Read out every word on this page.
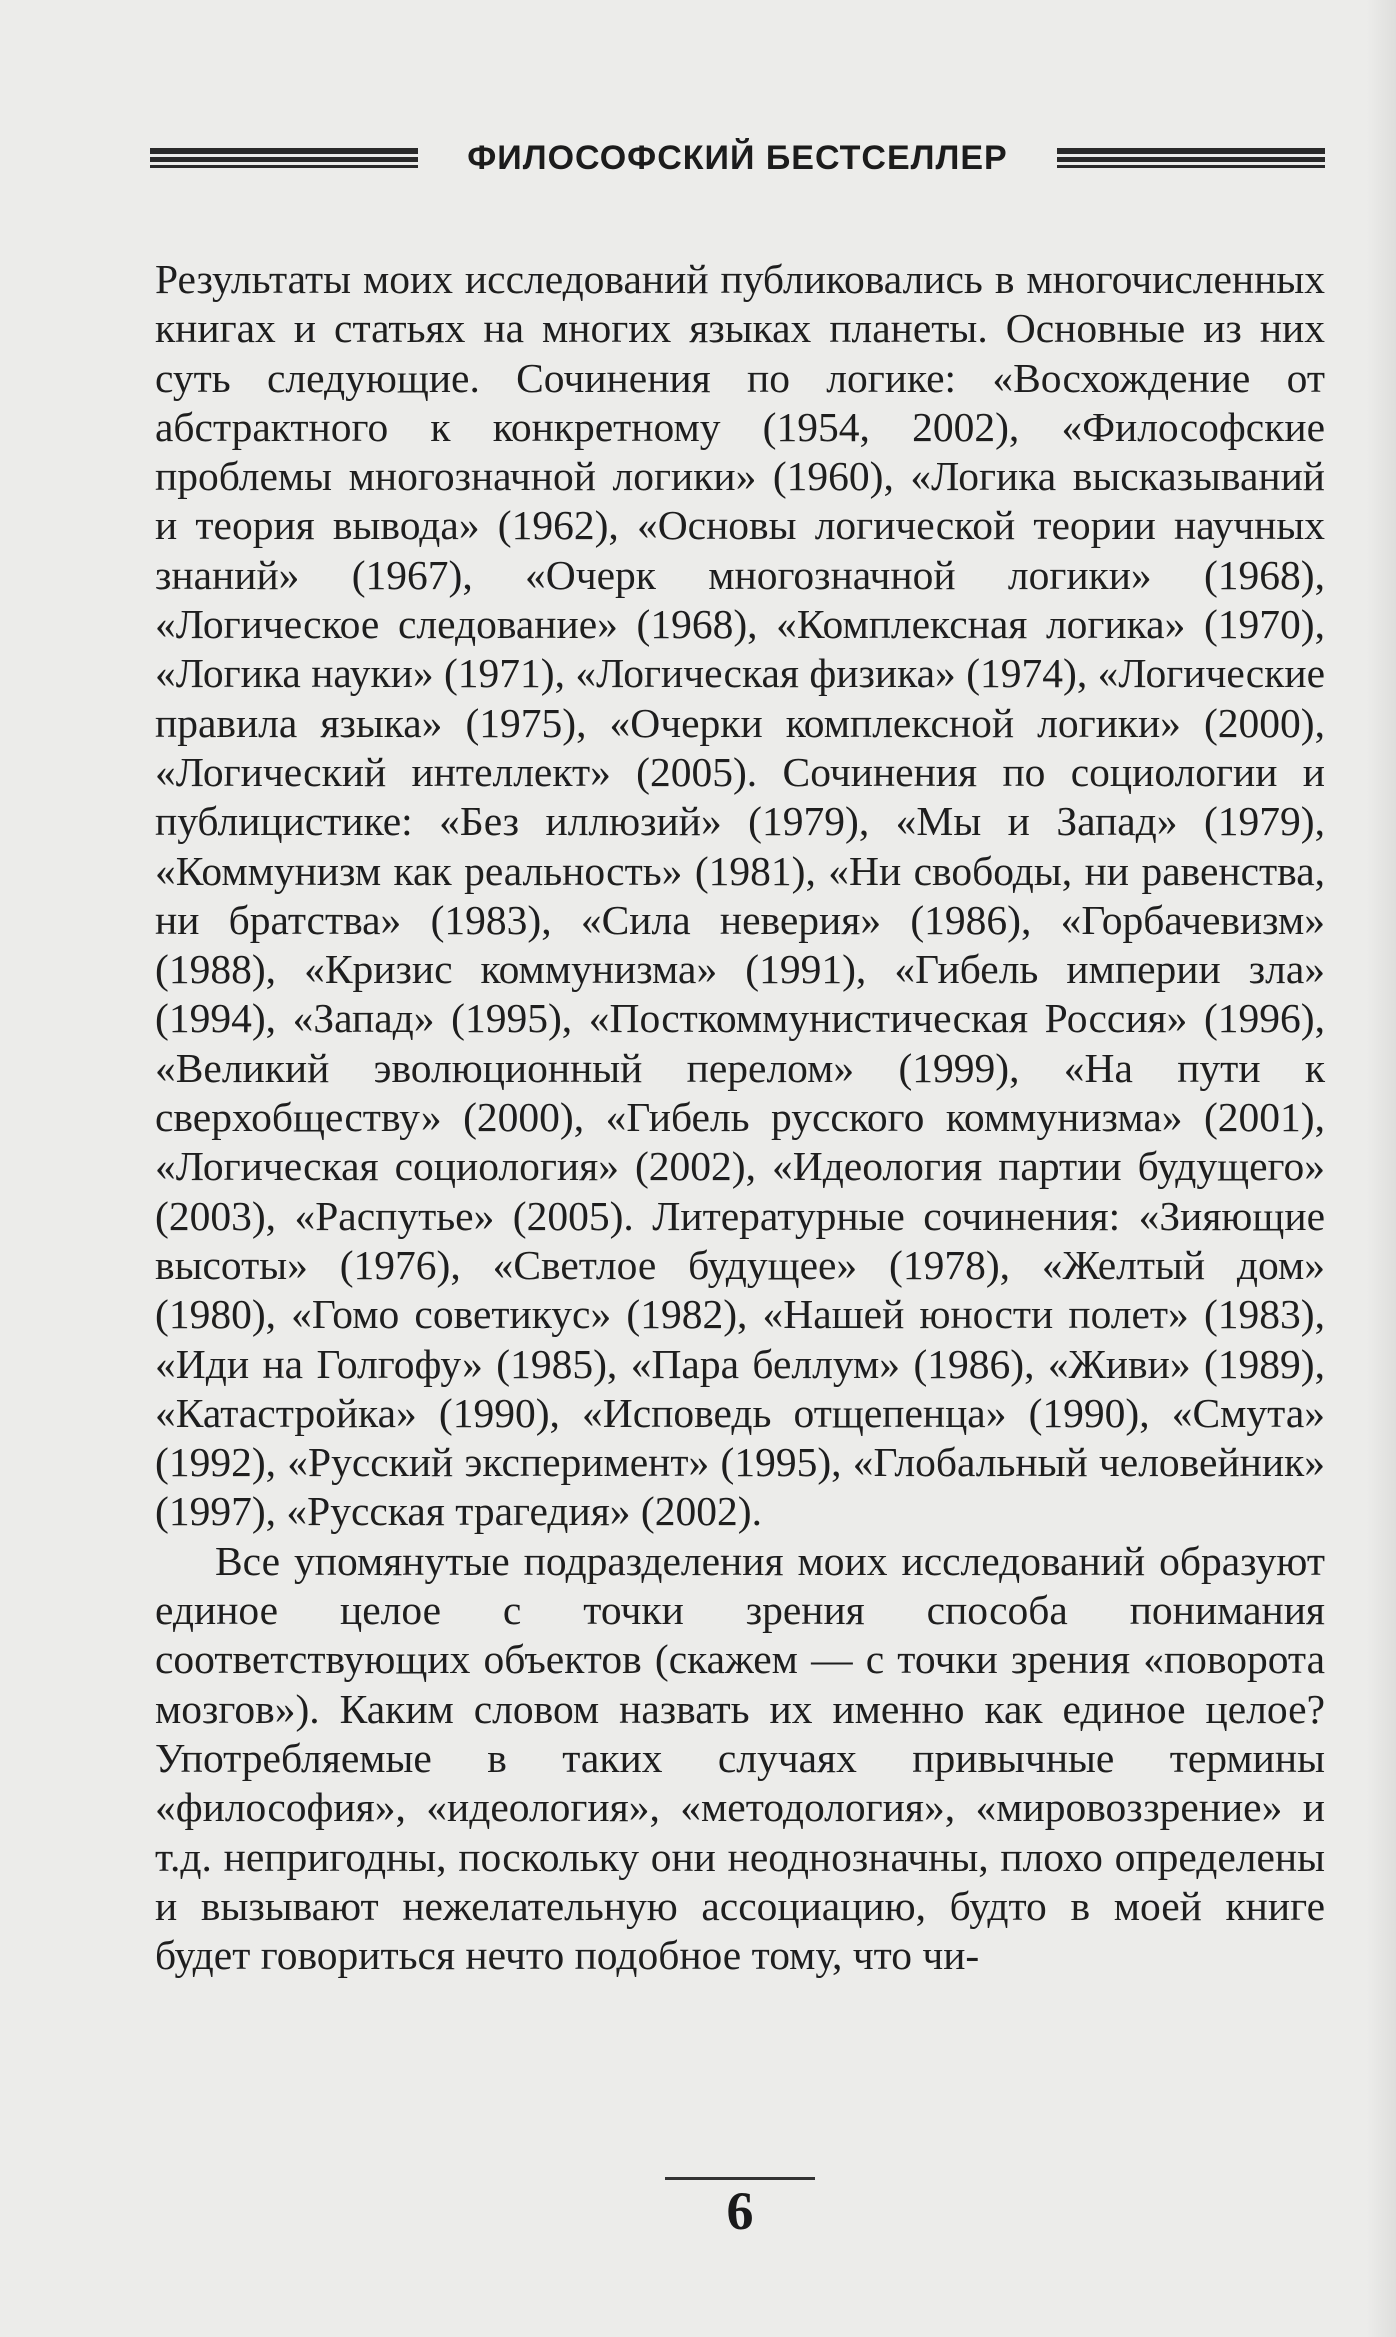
ФИЛОСОФСКИЙ БЕСТСЕЛЛЕР

Результаты моих исследований публиковались в многочисленных книгах и статьях на многих языках планеты. Основные из них суть следующие. Сочинения по логике: «Восхождение от абстрактного к конкретному (1954, 2002), «Философские проблемы многозначной логики» (1960), «Логика высказываний и теория вывода» (1962), «Основы логической теории научных знаний» (1967), «Очерк многозначной логики» (1968), «Логическое следование» (1968), «Комплексная логика» (1970), «Логика науки» (1971), «Логическая физика» (1974), «Логические правила языка» (1975), «Очерки комплексной логики» (2000), «Логический интеллект» (2005). Сочинения по социологии и публицистике: «Без иллюзий» (1979), «Мы и Запад» (1979), «Коммунизм как реальность» (1981), «Ни свободы, ни равенства, ни братства» (1983), «Сила неверия» (1986), «Горбачевизм» (1988), «Кризис коммунизма» (1991), «Гибель империи зла» (1994), «Запад» (1995), «Посткоммунистическая Россия» (1996), «Великий эволюционный перелом» (1999), «На пути к сверхобществу» (2000), «Гибель русского коммунизма» (2001), «Логическая социология» (2002), «Идеология партии будущего» (2003), «Распутье» (2005). Литературные сочинения: «Зияющие высоты» (1976), «Светлое будущее» (1978), «Желтый дом» (1980), «Гомо советикус» (1982), «Нашей юности полет» (1983), «Иди на Голгофу» (1985), «Пара беллум» (1986), «Живи» (1989), «Катастройка» (1990), «Исповедь отщепенца» (1990), «Смута» (1992), «Русский эксперимент» (1995), «Глобальный человейник» (1997), «Русская трагедия» (2002).

Все упомянутые подразделения моих исследований образуют единое целое с точки зрения способа понимания соответствующих объектов (скажем — с точки зрения «поворота мозгов»). Каким словом назвать их именно как единое целое? Употребляемые в таких случаях привычные термины «философия», «идеология», «методология», «мировоззрение» и т.д. непригодны, поскольку они неоднозначны, плохо определены и вызывают нежелательную ассоциацию, будто в моей книге будет говориться нечто подобное тому, что чи-

6
